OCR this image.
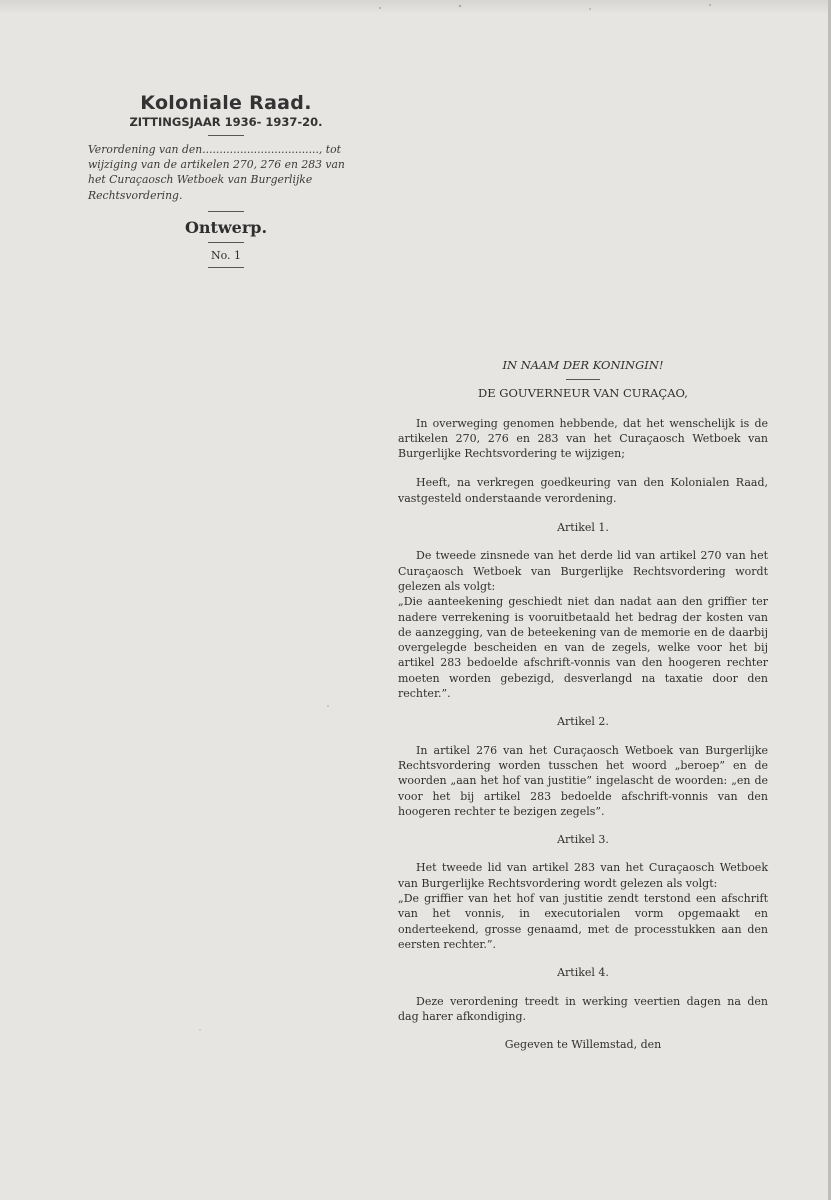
Koloniale Raad.
ZITTINGSJAAR 1936- 1937-20.
Verordening van den.................................., tot wijziging van de artikelen 270, 276 en 283 van het Curaçaosch Wetboek van Burgerlijke Rechtsvordering.
Ontwerp.
No. 1
IN NAAM DER KONINGIN!
DE GOUVERNEUR VAN CURAÇAO,

In overweging genomen hebbende, dat het wenschelijk is de artikelen 270, 276 en 283 van het Curaçaosch Wetboek van Burgerlijke Rechtsvordering te wijzigen;

Heeft, na verkregen goedkeuring van den Kolonialen Raad, vastgesteld onderstaande verordening.

Artikel 1.

De tweede zinsnede van het derde lid van artikel 270 van het Curaçaosch Wetboek van Burgerlijke Rechtsvordering wordt gelezen als volgt:

„Die aanteekening geschiedt niet dan nadat aan den griffier ter nadere verrekening is vooruitbetaald het bedrag der kosten van de aanzegging, van de beteekening van de memorie en de daarbij overgelegde bescheiden en van de zegels, welke voor het bij artikel 283 bedoelde afschrift-vonnis van den hoogeren rechter moeten worden gebezigd, desverlangd na taxatie door den rechter.”.

Artikel 2.

In artikel 276 van het Curaçaosch Wetboek van Burgerlijke Rechtsvordering worden tusschen het woord „beroep” en de woorden „aan het hof van justitie” ingelascht de woorden: „en de voor het bij artikel 283 bedoelde afschrift-vonnis van den hoogeren rechter te bezigen zegels”.

Artikel 3.

Het tweede lid van artikel 283 van het Curaçaosch Wetboek van Burgerlijke Rechtsvordering wordt gelezen als volgt:

„De griffier van het hof van justitie zendt terstond een afschrift van het vonnis, in executorialen vorm opgemaakt en onderteekend, grosse genaamd, met de processtukken aan den eersten rechter.”.

Artikel 4.

Deze verordening treedt in werking veertien dagen na den dag harer afkondiging.

Gegeven te Willemstad, den
